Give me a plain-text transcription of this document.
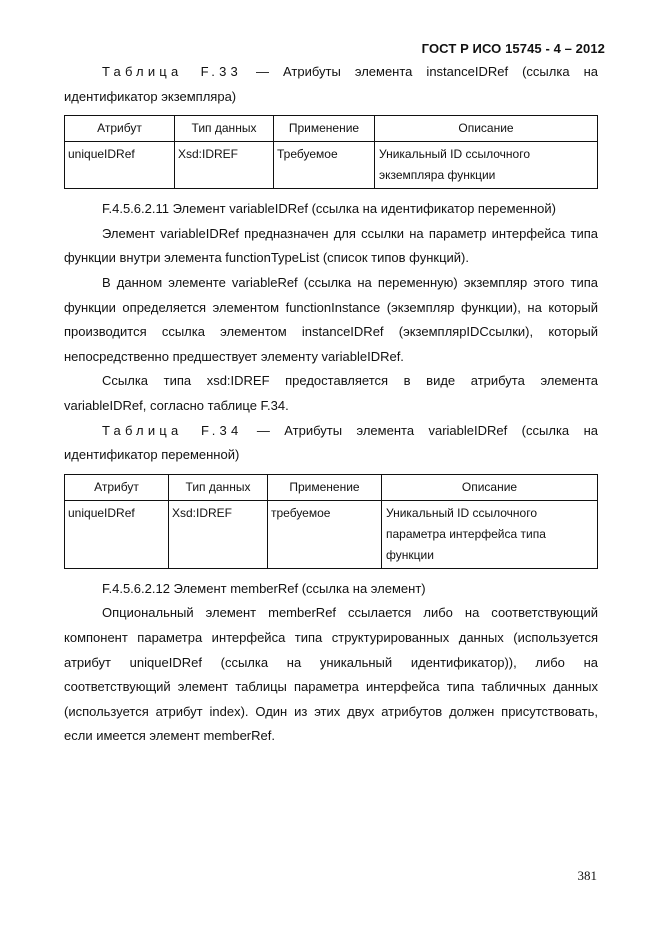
ГОСТ Р ИСО 15745 - 4 – 2012

Таблица F.33 — Атрибуты элемента instanceIDRef (ссылка на идентификатор экземпляра)

Атрибут	Тип данных	Применение	Описание
uniqueIDRef	Xsd:IDREF	Требуемое	Уникальный ID ссылочного экземпляра функции

F.4.5.6.2.11 Элемент variableIDRef (ссылка на идентификатор переменной)

Элемент variableIDRef предназначен для ссылки на параметр интерфейса типа функции внутри элемента functionTypeList (список типов функций).

В данном элементе variableRef (ссылка на переменную) экземпляр этого типа функции определяется элементом functionInstance (экземпляр функции), на который производится ссылка элементом instanceIDRef (экземплярIDCсылки), который непосредственно предшествует элементу variableIDRef.

Ссылка типа xsd:IDREF предоставляется в виде атрибута элемента variableIDRef, согласно таблице F.34.

Таблица F.34 — Атрибуты элемента variableIDRef (ссылка на идентификатор переменной)

Атрибут	Тип данных	Применение	Описание
uniqueIDRef	Xsd:IDREF	требуемое	Уникальный ID ссылочного параметра интерфейса типа функции

F.4.5.6.2.12 Элемент memberRef (ссылка на элемент)

Опциональный элемент memberRef ссылается либо на соответствующий компонент параметра интерфейса типа структурированных данных (используется атрибут uniqueIDRef (ссылка на уникальный идентификатор)), либо на соответствующий элемент таблицы параметра интерфейса типа табличных данных (используется атрибут index). Один из этих двух атрибутов должен присутствовать, если имеется элемент memberRef.

381
